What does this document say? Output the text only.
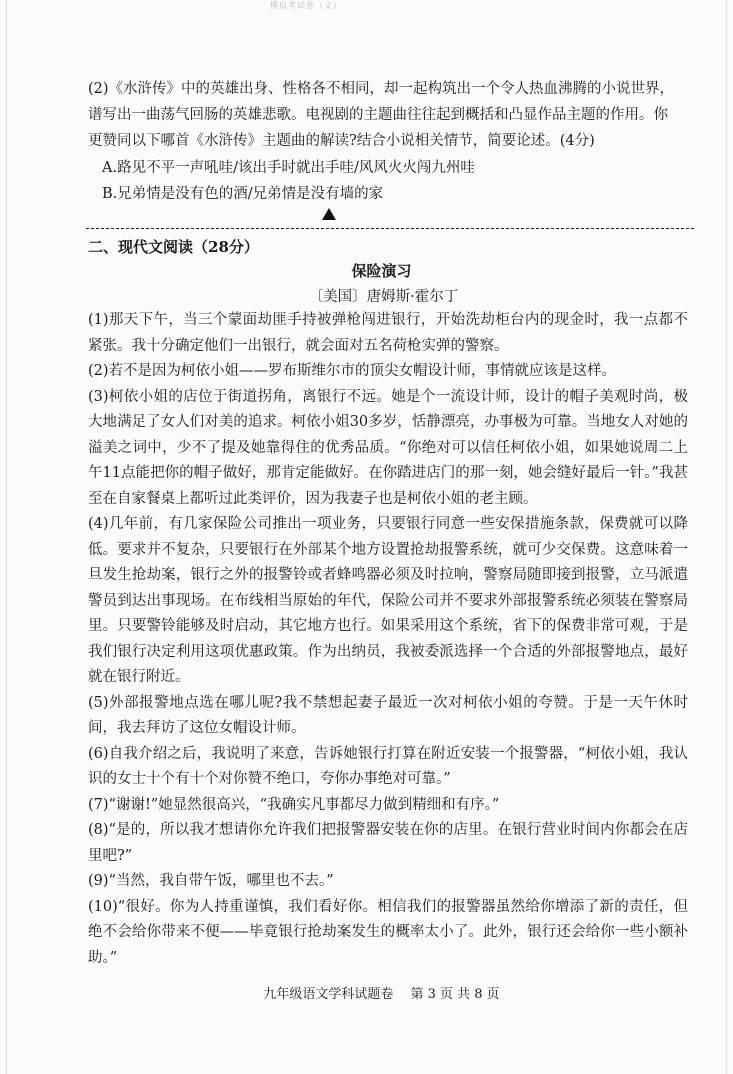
模拟考试卷（文）

(2)《水浒传》中的英雄出身、性格各不相同，却一起构筑出一个令人热血沸腾的小说世界，谱写出一曲荡气回肠的英雄悲歌。电视剧的主题曲往往起到概括和凸显作品主题的作用。你更赞同以下哪首《水浒传》主题曲的解读?结合小说相关情节，简要论述。(4分)

A.路见不平一声吼哇/该出手时就出手哇/风风火火闯九州哇

B.兄弟情是没有色的酒/兄弟情是没有墙的家

二、现代文阅读（28分）
保险演习
〔美国〕唐姆斯·霍尔丁

(1)那天下午，当三个蒙面劫匪手持被弹枪闯进银行，开始洗劫柜台内的现金时，我一点都不紧张。我十分确定他们一出银行，就会面对五名荷枪实弹的警察。

(2)若不是因为柯依小姐——罗布斯维尔市的顶尖女帽设计师，事情就应该是这样。

(3)柯依小姐的店位于街道拐角，离银行不远。她是个一流设计师，设计的帽子美观时尚，极大地满足了女人们对美的追求。柯依小姐30多岁，恬静漂亮，办事极为可靠。当地女人对她的溢美之词中，少不了提及她靠得住的优秀品质。“你绝对可以信任柯依小姐，如果她说周二上午11点能把你的帽子做好，那肯定能做好。在你踏进店门的那一刻，她会缝好最后一针。”我甚至在自家餐桌上都听过此类评价，因为我妻子也是柯依小姐的老主顾。

(4)几年前，有几家保险公司推出一项业务，只要银行同意一些安保措施条款，保费就可以降低。要求并不复杂，只要银行在外部某个地方设置抢劫报警系统，就可少交保费。这意味着一旦发生抢劫案，银行之外的报警铃或者蜂鸣器必须及时拉响，警察局随即接到报警，立马派遣警员到达出事现场。在布线相当原始的年代，保险公司并不要求外部报警系统必须装在警察局里。只要警铃能够及时启动，其它地方也行。如果采用这个系统，省下的保费非常可观，于是我们银行决定利用这项优惠政策。作为出纳员，我被委派选择一个合适的外部报警地点，最好就在银行附近。

(5)外部报警地点选在哪儿呢?我不禁想起妻子最近一次对柯依小姐的夸赞。于是一天午休时间，我去拜访了这位女帽设计师。

(6)自我介绍之后，我说明了来意，告诉她银行打算在附近安装一个报警器，“柯依小姐，我认识的女士十个有十个对你赞不绝口，夸你办事绝对可靠。”

(7)“谢谢!”她显然很高兴，“我确实凡事都尽力做到精细和有序。”

(8)“是的，所以我才想请你允许我们把报警器安装在你的店里。在银行营业时间内你都会在店里吧?”

(9)“当然，我自带午饭，哪里也不去。”

(10)“很好。你为人持重谨慎，我们看好你。相信我们的报警器虽然给你增添了新的责任，但绝不会给你带来不便——毕竟银行抢劫案发生的概率太小了。此外，银行还会给你一些小额补助。”

九年级语文学科试题卷　 第 3 页 共 8 页
